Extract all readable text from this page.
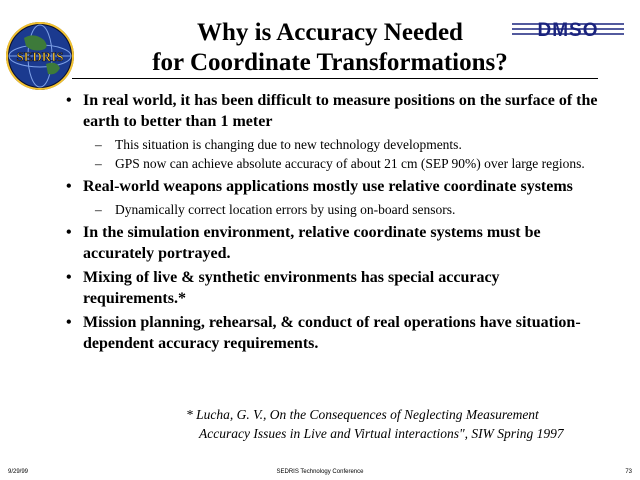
SEDRIS
DMSO
Why is Accuracy Needed
for Coordinate Transformations?
• In real world, it has been difficult to measure positions on the surface of the earth to better than 1 meter
– This situation is changing due to new technology developments.
– GPS now can achieve absolute accuracy of about 21 cm (SEP 90%) over large regions.
• Real-world weapons applications mostly use relative coordinate systems
– Dynamically correct location errors by using on-board sensors.
• In the simulation environment, relative coordinate systems must be accurately portrayed.
• Mixing of live & synthetic environments has special accuracy requirements.*
• Mission planning, rehearsal, & conduct of real operations have situation-dependent accuracy requirements.
* Lucha, G. V., On the Consequences of Neglecting Measurement
Accuracy Issues in Live and Virtual interactions", SIW Spring 1997
9/29/99	SEDRIS Technology Conference	73
